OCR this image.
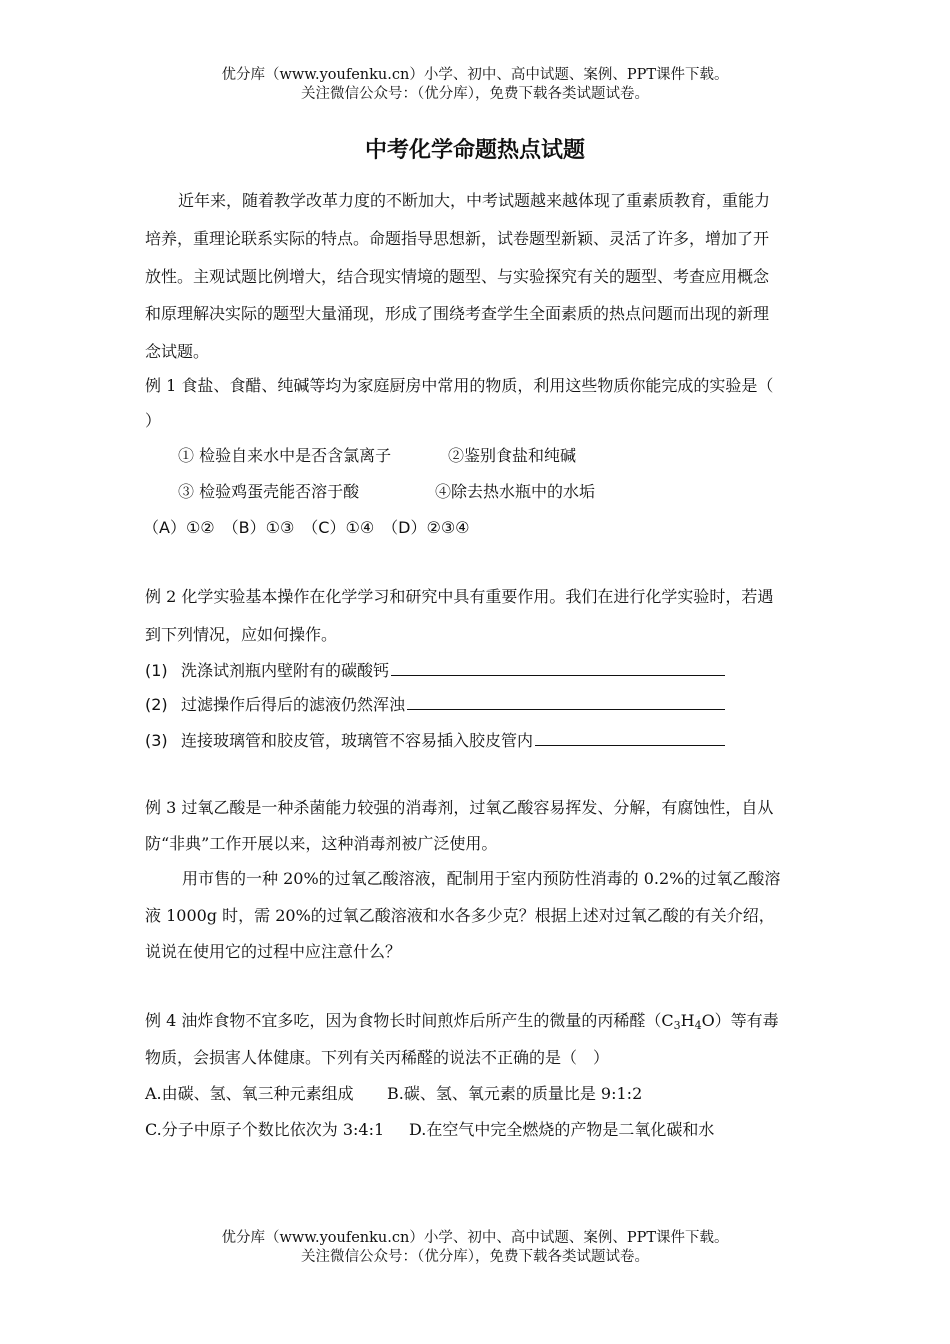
优分库（www.youfenku.cn）小学、初中、高中试题、案例、PPT课件下载。
关注微信公众号：（优分库），免费下载各类试题试卷。
中考化学命题热点试题
近年来，随着教学改革力度的不断加大，中考试题越来越体现了重素质教育，重能力
培养，重理论联系实际的特点。命题指导思想新，试卷题型新颖、灵活了许多，增加了开
放性。主观试题比例增大，结合现实情境的题型、与实验探究有关的题型、考查应用概念
和原理解决实际的题型大量涌现，形成了围绕考查学生全面素质的热点问题而出现的新理
念试题。
例 1 食盐、食醋、纯碱等均为家庭厨房中常用的物质，利用这些物质你能完成的实验是（
）
① 检验自来水中是否含氯离子	②鉴别食盐和纯碱
③ 检验鸡蛋壳能否溶于酸	④除去热水瓶中的水垢
（A）①②　（B）①③　（C）①④　（D）②③④
例 2 化学实验基本操作在化学学习和研究中具有重要作用。我们在进行化学实验时，若遇
到下列情况，应如何操作。
(1) 洗涤试剂瓶内壁附有的碳酸钙
(2) 过滤操作后得后的滤液仍然浑浊
(3) 连接玻璃管和胶皮管，玻璃管不容易插入胶皮管内
例 3 过氧乙酸是一种杀菌能力较强的消毒剂，过氧乙酸容易挥发、分解，有腐蚀性，自从
防“非典”工作开展以来，这种消毒剂被广泛使用。
用市售的一种 20%的过氧乙酸溶液，配制用于室内预防性消毒的 0.2%的过氧乙酸溶
液 1000g 时，需 20%的过氧乙酸溶液和水各多少克？根据上述对过氧乙酸的有关介绍，
说说在使用它的过程中应注意什么？
例 4 油炸食物不宜多吃，因为食物长时间煎炸后所产生的微量的丙稀醛$(C_3H_4O)$等有毒
物质，会损害人体健康。下列有关丙稀醛的说法不正确的是（　）
A.由碳、氢、氧三种元素组成 B.碳、氢、氧元素的质量比是 9:1:2
C.分子中原子个数比依次为 3:4:1 D.在空气中完全燃烧的产物是二氧化碳和水
优分库（www.youfenku.cn）小学、初中、高中试题、案例、PPT课件下载。
关注微信公众号：（优分库），免费下载各类试题试卷。
